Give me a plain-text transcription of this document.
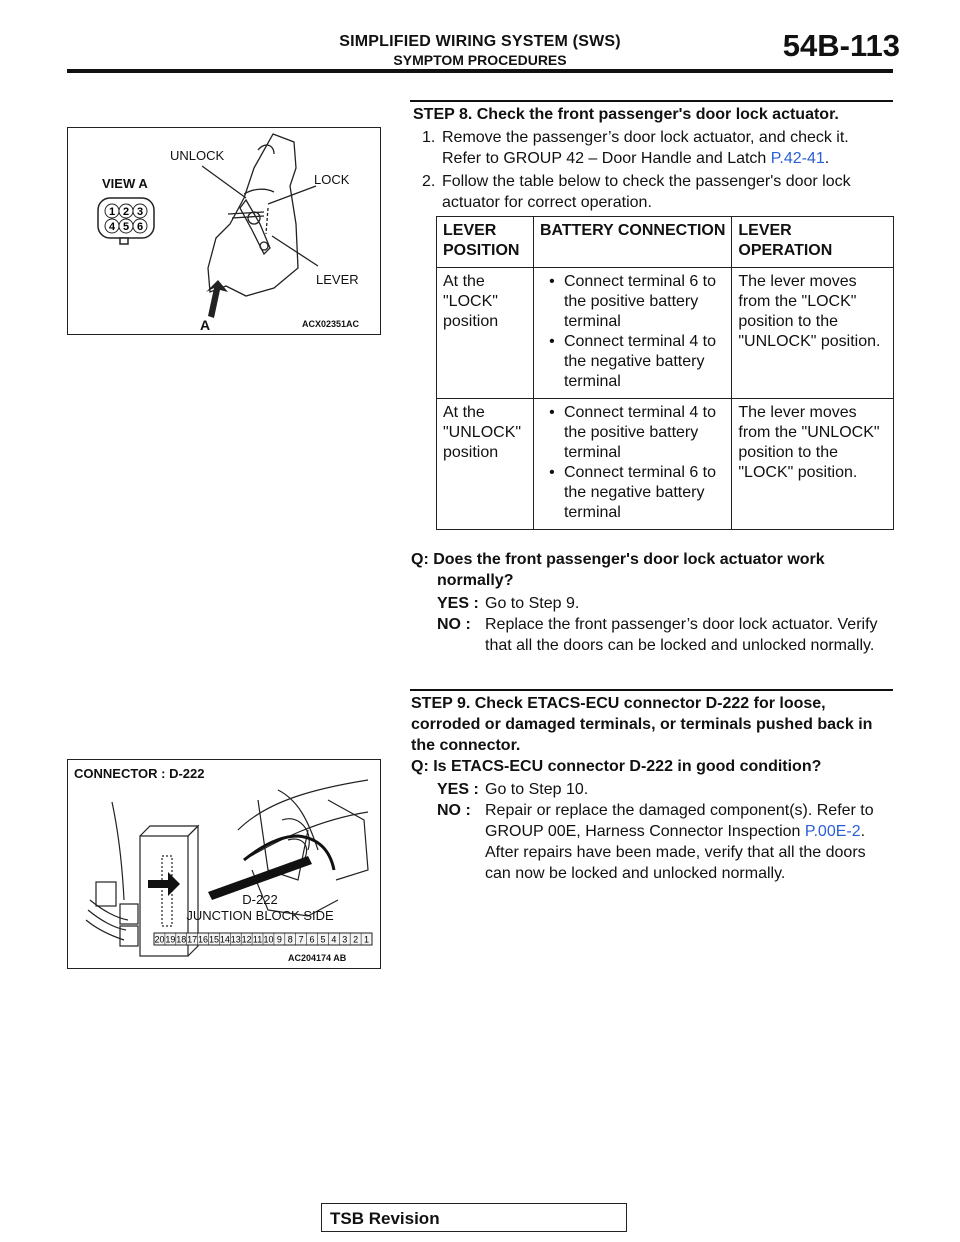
SIMPLIFIED WIRING SYSTEM (SWS)
SYMPTOM PROCEDURES	54B-113
1 2 3
4 5 6
VIEW A
UNLOCK
LOCK
LEVER
A	ACX02351AC
20 19 18 17 16 15 14 13 12 11 10 9 8 7 6 5 4 3 2 1
CONNECTOR : D-222
D-222
JUNCTION BLOCK SIDE
AC204174 AB
STEP 8. Check the front passenger's door lock actuator.
1. Remove the passenger’s door lock actuator, and check it.
Refer to GROUP 42 – Door Handle and Latch P.42-41.
2. Follow the table below to check the passenger's door lock
actuator for correct operation.
LEVER POSITION	BATTERY CONNECTION	LEVER OPERATION
At the "LOCK" position	• Connect terminal 6 to the positive battery terminal
• Connect terminal 4 to the negative battery terminal	The lever moves from the "LOCK" position to the "UNLOCK" position.
At the "UNLOCK" position	• Connect terminal 4 to the positive battery terminal
• Connect terminal 6 to the negative battery terminal	The lever moves from the "UNLOCK" position to the "LOCK" position.
Q: Does the front passenger's door lock actuator work normally?
YES : Go to Step 9.
NO : Replace the front passenger’s door lock actuator. Verify that all the doors can be locked and unlocked normally.
STEP 9. Check ETACS-ECU connector D-222 for loose, corroded or damaged terminals, or terminals pushed back in the connector.
Q: Is ETACS-ECU connector D-222 in good condition?
YES : Go to Step 10.
NO : Repair or replace the damaged component(s). Refer to GROUP 00E, Harness Connector Inspection P.00E-2. After repairs have been made, verify that all the doors can now be locked and unlocked normally.
TSB Revision
